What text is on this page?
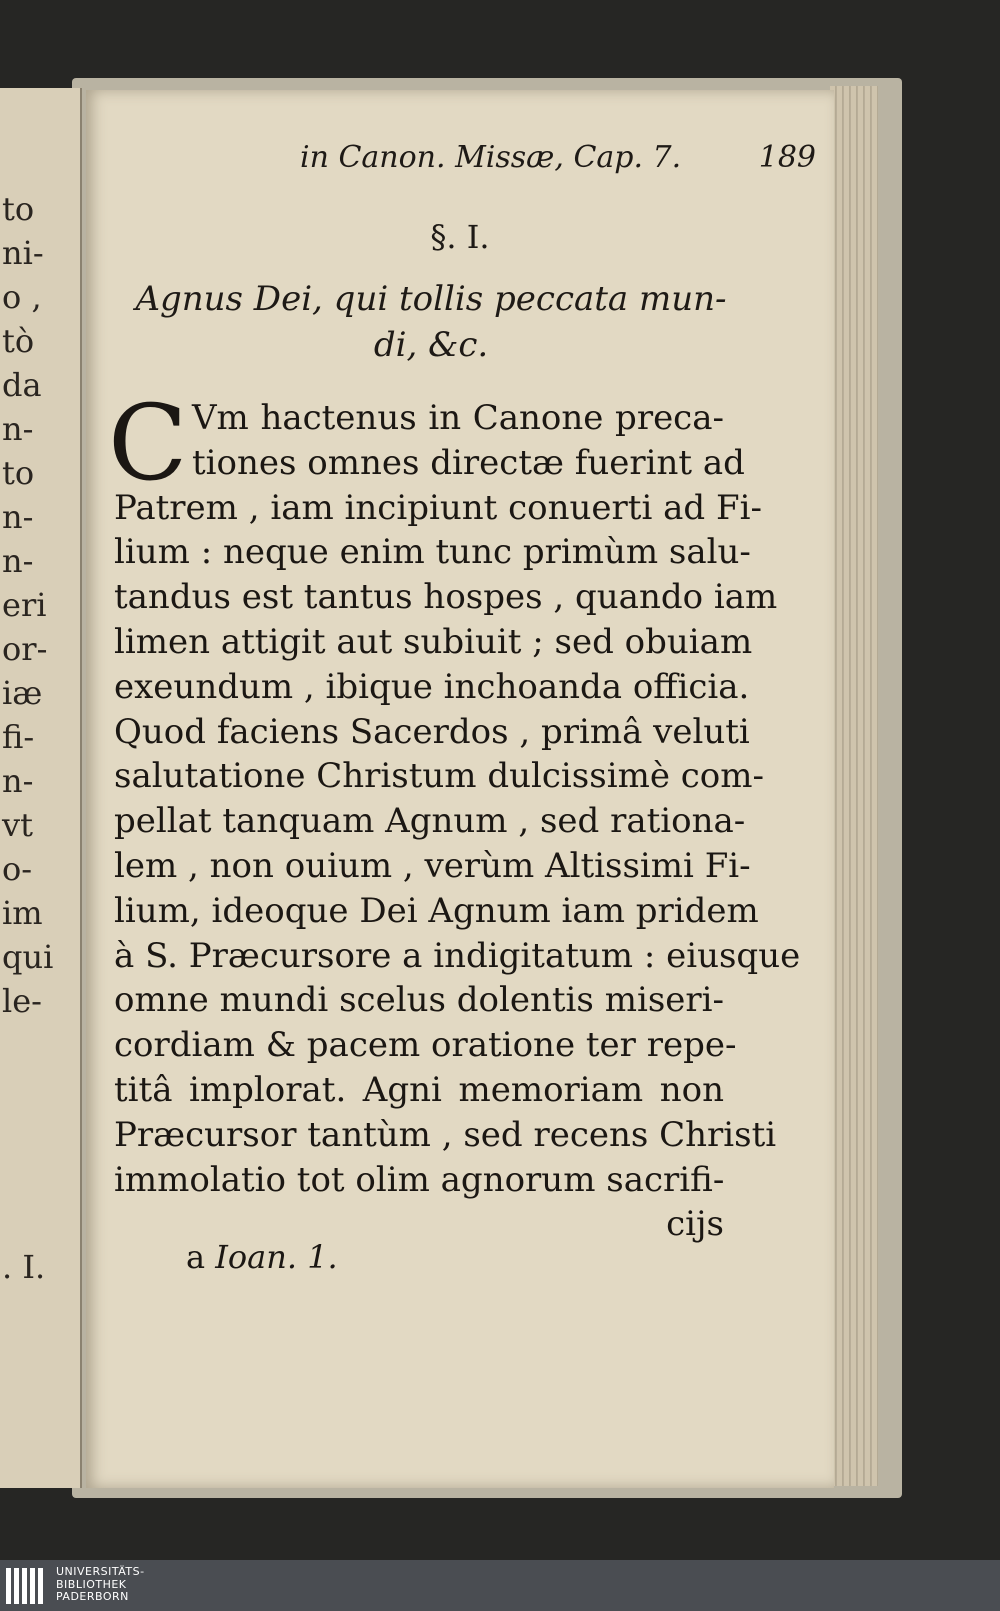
to
ni-
o ,
tò
da
n-
to
n-
n-
eri
or-
iæ
fi-
n-
vt
o-
im
qui
le-
. I.
in Canon. Missæ, Cap. 7.	189
§. I.
Agnus Dei, qui tollis peccata mun-
di, &c.
C Vm hactenus in Canone preca-
tiones omnes directæ fuerint ad
Patrem , iam incipiunt conuerti ad Fi-
lium : neque enim tunc primùm salu-
tandus est tantus hospes , quando iam
limen attigit aut subiuit ; sed obuiam
exeundum , ibique inchoanda officia.
Quod faciens Sacerdos , primâ veluti
salutatione Christum dulcissimè com-
pellat tanquam Agnum , sed rationa-
lem , non ouium , verùm Altissimi Fi-
lium, ideoque Dei Agnum iam pridem
à S. Præcursore a indigitatum : eiusque
omne mundi scelus dolentis miseri-
cordiam & pacem oratione ter repe-
titâ implorat. Agni memoriam non
Præcursor tantùm , sed recens Christi
immolatio tot olim agnorum sacrifi-
cijs
a Ioan. 1.
UNIVERSITÄTS-
BIBLIOTHEK
PADERBORN
